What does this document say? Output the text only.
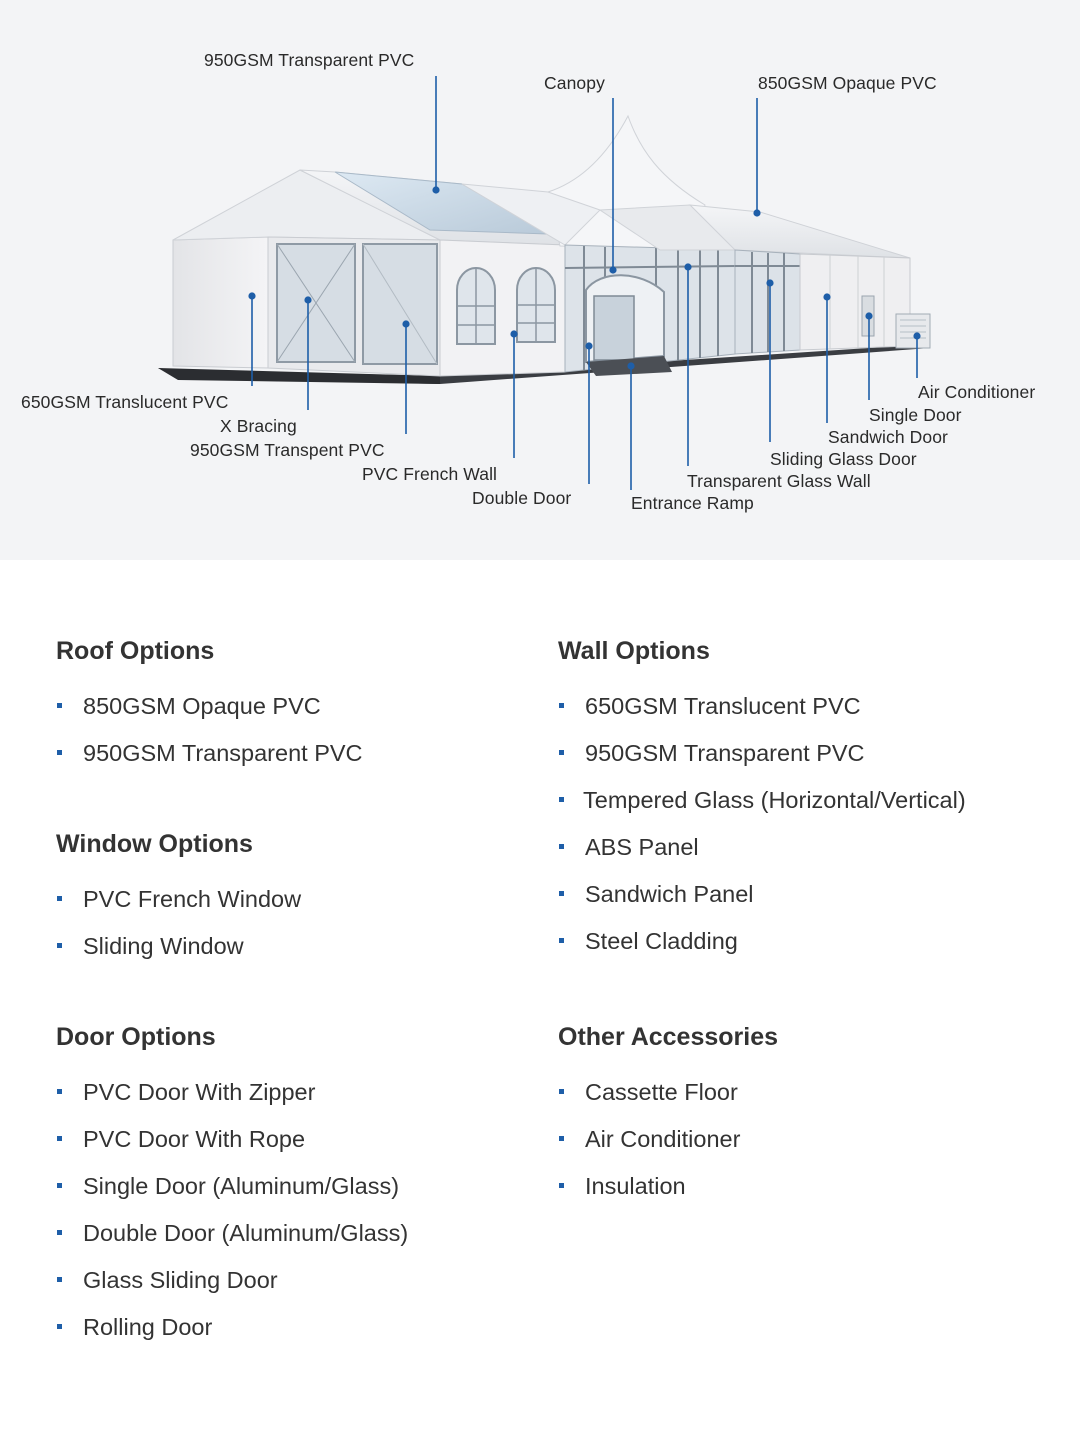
950GSM Transparent PVC
Canopy	850GSM Opaque PVC
650GSM Translucent PVC
X Bracing
950GSM Transpent PVC
PVC French Wall
Double Door	Entrance Ramp
Transparent Glass Wall
Sliding Glass Door
Sandwich Door
Single Door
Air Conditioner
Roof Options
850GSM Opaque PVC
950GSM Transparent PVC
Window Options
PVC French Window
Sliding Window
Door Options
PVC Door With Zipper
PVC Door With Rope
Single Door (Aluminum/Glass)
Double Door (Aluminum/Glass)
Glass Sliding Door
Rolling Door
Wall Options
650GSM Translucent PVC
950GSM Transparent PVC
Tempered Glass (Horizontal/Vertical)
ABS Panel
Sandwich Panel
Steel Cladding
Other Accessories
Cassette Floor
Air Conditioner
Insulation
